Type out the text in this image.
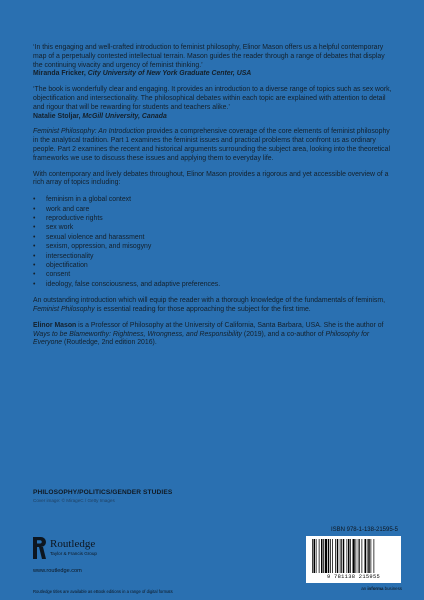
‘In this engaging and well-crafted introduction to feminist philosophy, Elinor Mason offers us a helpful contemporary map of a perpetually contested intellectual terrain. Mason guides the reader through a range of debates that display the continuing vivacity and urgency of feminist thinking.’

Miranda Fricker, City University of New York Graduate Center, USA

‘The book is wonderfully clear and engaging. It provides an introduction to a diverse range of topics such as sex work, objectification and intersectionality. The philosophical debates within each topic are explained with attention to detail and rigour that will be rewarding for students and teachers alike.’

Natalie Stoljar, McGill University, Canada

Feminist Philosophy: An Introduction provides a comprehensive coverage of the core elements of feminist philosophy in the analytical tradition. Part 1 examines the feminist issues and practical problems that confront us as ordinary people. Part 2 examines the recent and historical arguments surrounding the subject area, looking into the theoretical frameworks we use to discuss these issues and applying them to everyday life.

With contemporary and lively debates throughout, Elinor Mason provides a rigorous and yet accessible overview of a rich array of topics including:

• feminism in a global context
• work and care
• reproductive rights
• sex work
• sexual violence and harassment
• sexism, oppression, and misogyny
• intersectionality
• objectification
• consent
• ideology, false consciousness, and adaptive preferences.

An outstanding introduction which will equip the reader with a thorough knowledge of the fundamentals of feminism, Feminist Philosophy is essential reading for those approaching the subject for the first time.

Elinor Mason is a Professor of Philosophy at the University of California, Santa Barbara, USA. She is the author of Ways to be Blameworthy: Rightness, Wrongness, and Responsibility (2019), and a co-author of Philosophy for Everyone (Routledge, 2nd edition 2016).

PHILOSOPHY/POLITICS/GENDER STUDIES
Cover image: © MirageC / Getty Images
Routledge
Taylor & Francis Group
www.routledge.com
Routledge titles are available as eBook editions in a range of digital formats
ISBN 978-1-138-21595-5
9 781138 215955
an informa business
